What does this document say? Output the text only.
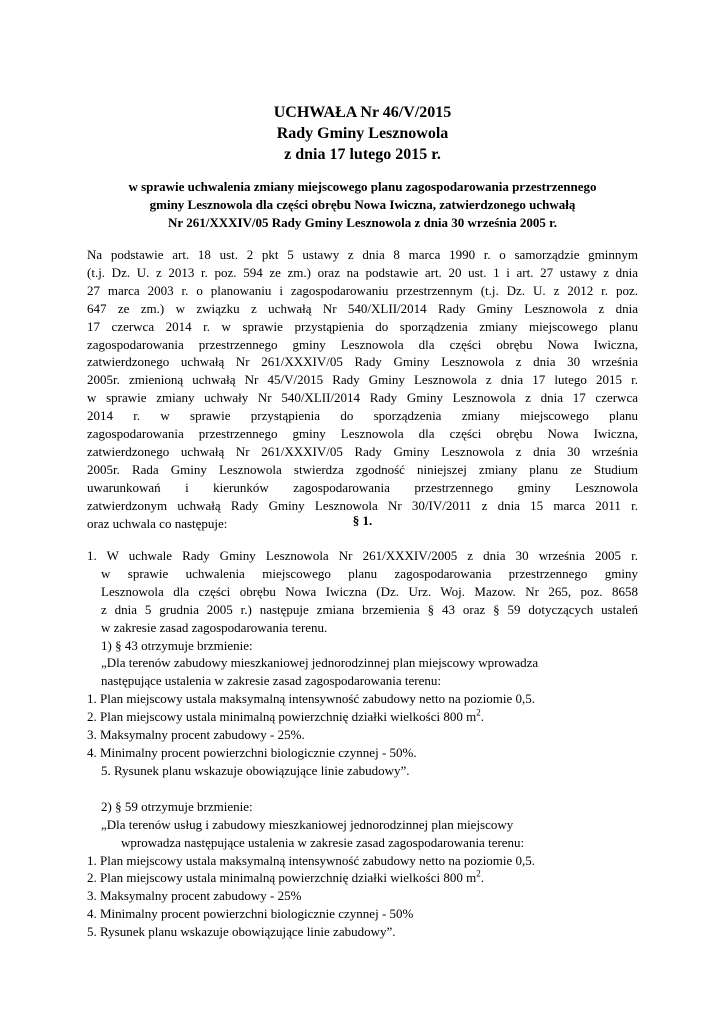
UCHWAŁA Nr 46/V/2015
Rady Gminy Lesznowola
z dnia 17 lutego 2015 r.
w sprawie uchwalenia zmiany miejscowego planu zagospodarowania przestrzennego
gminy Lesznowola dla części obrębu Nowa Iwiczna, zatwierdzonego uchwałą
Nr 261/XXXIV/05 Rady Gminy Lesznowola z dnia 30 września 2005 r.
Na podstawie art. 18 ust. 2 pkt 5 ustawy z dnia 8 marca 1990 r. o samorządzie gminnym
(t.j. Dz. U. z 2013 r. poz. 594 ze zm.) oraz na podstawie art. 20 ust. 1 i art. 27 ustawy z dnia
27 marca 2003 r. o planowaniu i zagospodarowaniu przestrzennym (t.j. Dz. U. z 2012 r. poz.
647 ze zm.) w związku z uchwałą Nr 540/XLII/2014 Rady Gminy Lesznowola z dnia
17 czerwca 2014 r. w sprawie przystąpienia do sporządzenia zmiany miejscowego planu
zagospodarowania przestrzennego gminy Lesznowola dla części obrębu Nowa Iwiczna,
zatwierdzonego uchwałą Nr 261/XXXIV/05 Rady Gminy Lesznowola z dnia 30 września
2005r. zmienioną uchwałą Nr 45/V/2015 Rady Gminy Lesznowola z dnia 17 lutego 2015 r.
w sprawie zmiany uchwały Nr 540/XLII/2014 Rady Gminy Lesznowola z dnia 17 czerwca
2014 r. w sprawie przystąpienia do sporządzenia zmiany miejscowego planu
zagospodarowania przestrzennego gminy Lesznowola dla części obrębu Nowa Iwiczna,
zatwierdzonego uchwałą Nr 261/XXXIV/05 Rady Gminy Lesznowola z dnia 30 września
2005r. Rada Gminy Lesznowola stwierdza zgodność niniejszej zmiany planu ze Studium
uwarunkowań i kierunków zagospodarowania przestrzennego gminy Lesznowola
zatwierdzonym uchwałą Rady Gminy Lesznowola Nr 30/IV/2011 z dnia 15 marca 2011 r.
oraz uchwala co następuje:	§ 1.
1. W uchwale Rady Gminy Lesznowola Nr 261/XXXIV/2005 z dnia 30 września 2005 r.
w sprawie uchwalenia miejscowego planu zagospodarowania przestrzennego gminy
Lesznowola dla części obrębu Nowa Iwiczna (Dz. Urz. Woj. Mazow. Nr 265, poz. 8658
z dnia 5 grudnia 2005 r.) następuje zmiana brzemienia § 43 oraz § 59 dotyczących ustaleń
w zakresie zasad zagospodarowania terenu.
1) § 43 otrzymuje brzmienie:
„Dla terenów zabudowy mieszkaniowej jednorodzinnej plan miejscowy wprowadza
następujące ustalenia w zakresie zasad zagospodarowania terenu:
1. Plan miejscowy ustala maksymalną intensywność zabudowy netto na poziomie 0,5.
2. Plan miejscowy ustala minimalną powierzchnię działki wielkości 800 $m^2$.
3. Maksymalny procent zabudowy - 25%.
4. Minimalny procent powierzchni biologicznie czynnej - 50%.
5. Rysunek planu wskazuje obowiązujące linie zabudowy”.
2) § 59 otrzymuje brzmienie:
„Dla terenów usług i zabudowy mieszkaniowej jednorodzinnej plan miejscowy
wprowadza następujące ustalenia w zakresie zasad zagospodarowania terenu:
1. Plan miejscowy ustala maksymalną intensywność zabudowy netto na poziomie 0,5.
2. Plan miejscowy ustala minimalną powierzchnię działki wielkości 800 $m^2$.
3. Maksymalny procent zabudowy - 25%
4. Minimalny procent powierzchni biologicznie czynnej - 50%
5. Rysunek planu wskazuje obowiązujące linie zabudowy”.
